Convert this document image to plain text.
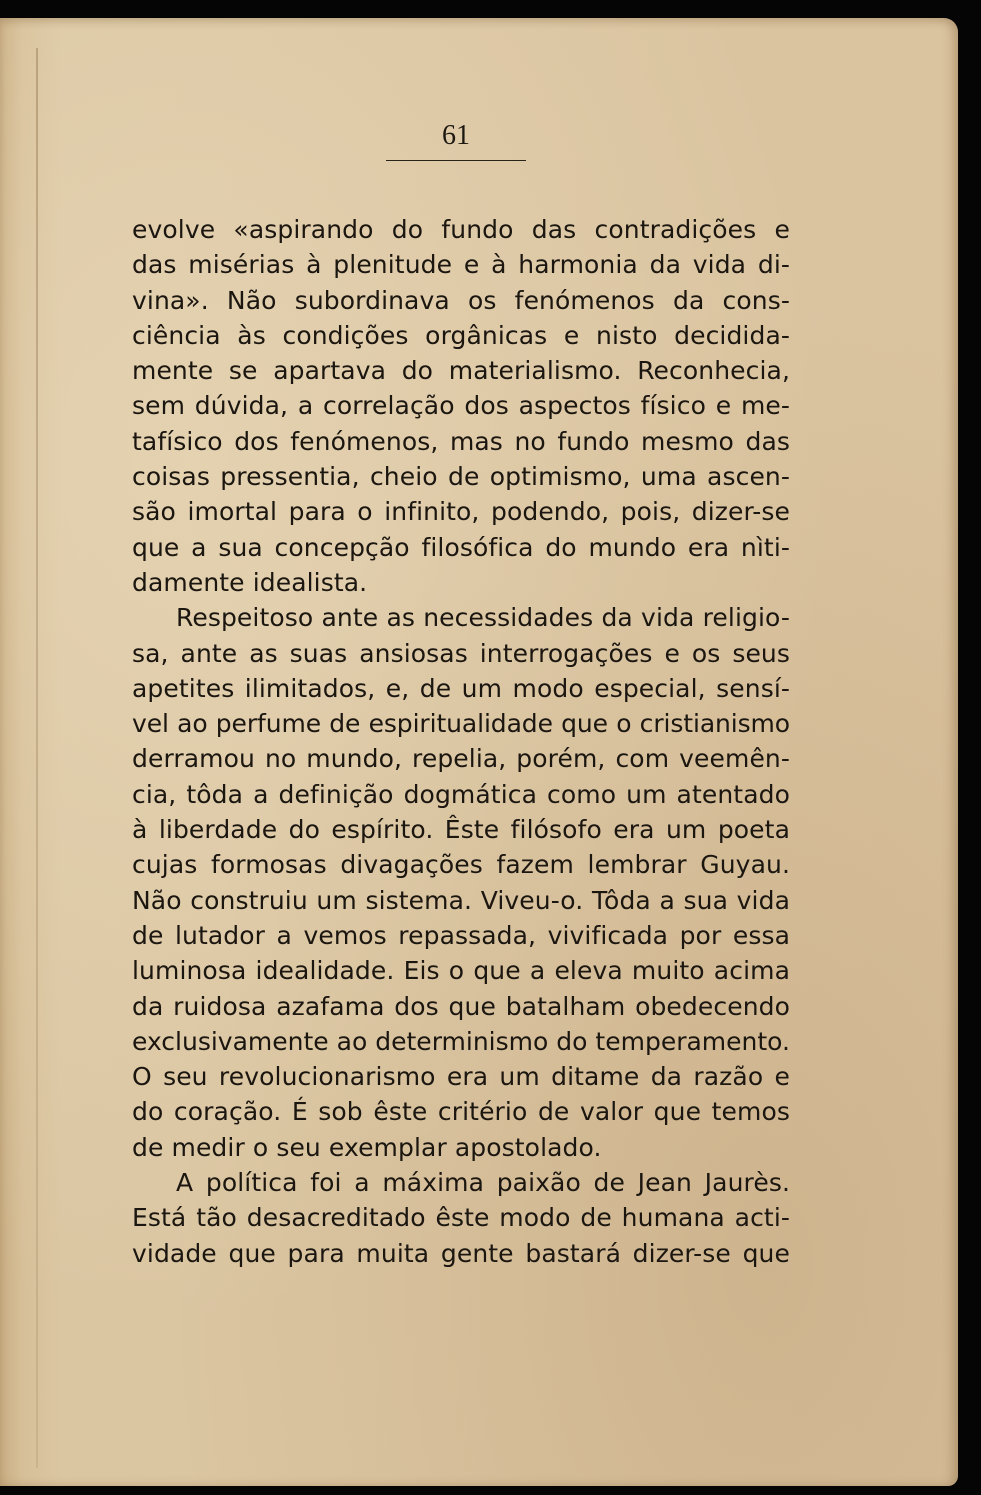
61

evolve «aspirando do fundo das contradições e
das misérias à plenitude e à harmonia da vida di-
vina». Não subordinava os fenómenos da cons-
ciência às condições orgânicas e nisto decidida-
mente se apartava do materialismo. Reconhecia,
sem dúvida, a correlação dos aspectos físico e me-
tafísico dos fenómenos, mas no fundo mesmo das
coisas pressentia, cheio de optimismo, uma ascen-
são imortal para o infinito, podendo, pois, dizer-se
que a sua concepção filosófica do mundo era nìti-
damente idealista.

Respeitoso ante as necessidades da vida religio-
sa, ante as suas ansiosas interrogações e os seus
apetites ilimitados, e, de um modo especial, sensí-
vel ao perfume de espiritualidade que o cristianismo
derramou no mundo, repelia, porém, com veemên-
cia, tôda a definição dogmática como um atentado
à liberdade do espírito. Êste filósofo era um poeta
cujas formosas divagações fazem lembrar Guyau.
Não construiu um sistema. Viveu-o. Tôda a sua vida
de lutador a vemos repassada, vivificada por essa
luminosa idealidade. Eis o que a eleva muito acima
da ruidosa azafama dos que batalham obedecendo
exclusivamente ao determinismo do temperamento.
O seu revolucionarismo era um ditame da razão e
do coração. É sob êste critério de valor que temos
de medir o seu exemplar apostolado.

A política foi a máxima paixão de Jean Jaurès.
Está tão desacreditado êste modo de humana acti-
vidade que para muita gente bastará dizer-se que
